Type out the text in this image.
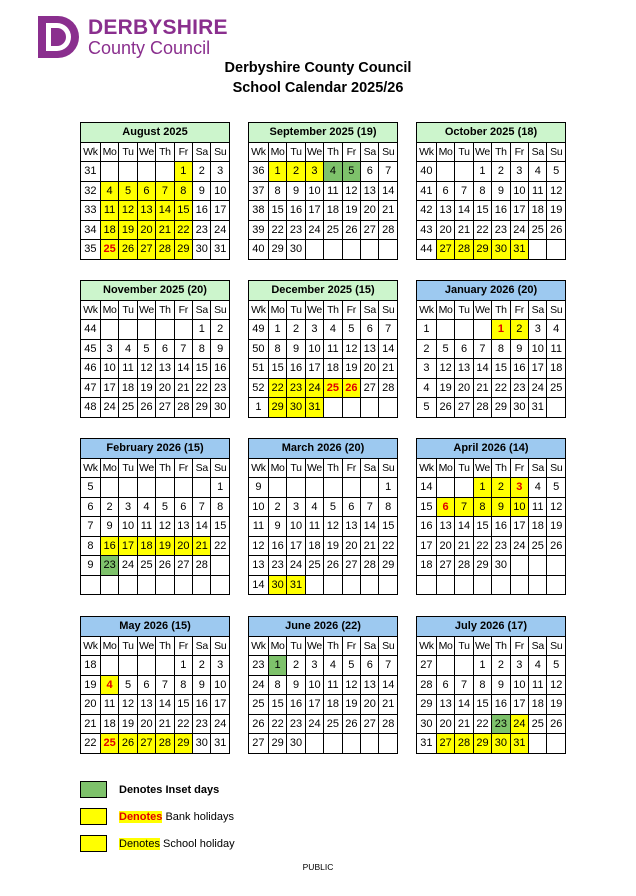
DERBYSHIRE
County Council
Derbyshire County Council
School Calendar 2025/26
August 2025							
Wk	Mo	Tu	We	Th	Fr	Sa	Su
31					1	2	3
32	4	5	6	7	8	9	10
33	11	12	13	14	15	16	17
34	18	19	20	21	22	23	24
35	25	26	27	28	29	30	31
September 2025 (19)							
Wk	Mo	Tu	We	Th	Fr	Sa	Su
36	1	2	3	4	5	6	7
37	8	9	10	11	12	13	14
38	15	16	17	18	19	20	21
39	22	23	24	25	26	27	28
40	29	30					
October 2025 (18)							
Wk	Mo	Tu	We	Th	Fr	Sa	Su
40			1	2	3	4	5
41	6	7	8	9	10	11	12
42	13	14	15	16	17	18	19
43	20	21	22	23	24	25	26
44	27	28	29	30	31		
November 2025 (20)							
Wk	Mo	Tu	We	Th	Fr	Sa	Su
44						1	2
45	3	4	5	6	7	8	9
46	10	11	12	13	14	15	16
47	17	18	19	20	21	22	23
48	24	25	26	27	28	29	30
December 2025 (15)							
Wk	Mo	Tu	We	Th	Fr	Sa	Su
49	1	2	3	4	5	6	7
50	8	9	10	11	12	13	14
51	15	16	17	18	19	20	21
52	22	23	24	25	26	27	28
1	29	30	31				
January 2026 (20)							
Wk	Mo	Tu	We	Th	Fr	Sa	Su
1				1	2	3	4
2	5	6	7	8	9	10	11
3	12	13	14	15	16	17	18
4	19	20	21	22	23	24	25
5	26	27	28	29	30	31	
February 2026 (15)							
Wk	Mo	Tu	We	Th	Fr	Sa	Su
5							1
6	2	3	4	5	6	7	8
7	9	10	11	12	13	14	15
8	16	17	18	19	20	21	22
9	23	24	25	26	27	28	

March 2026 (20)							
Wk	Mo	Tu	We	Th	Fr	Sa	Su
9							1
10	2	3	4	5	6	7	8
11	9	10	11	12	13	14	15
12	16	17	18	19	20	21	22
13	23	24	25	26	27	28	29
14	30	31					
April 2026 (14)							
Wk	Mo	Tu	We	Th	Fr	Sa	Su
14			1	2	3	4	5
15	6	7	8	9	10	11	12
16	13	14	15	16	17	18	19
17	20	21	22	23	24	25	26
18	27	28	29	30			

May 2026 (15)							
Wk	Mo	Tu	We	Th	Fr	Sa	Su
18					1	2	3
19	4	5	6	7	8	9	10
20	11	12	13	14	15	16	17
21	18	19	20	21	22	23	24
22	25	26	27	28	29	30	31
June 2026 (22)							
Wk	Mo	Tu	We	Th	Fr	Sa	Su
23	1	2	3	4	5	6	7
24	8	9	10	11	12	13	14
25	15	16	17	18	19	20	21
26	22	23	24	25	26	27	28
27	29	30					
July 2026 (17)							
Wk	Mo	Tu	We	Th	Fr	Sa	Su
27			1	2	3	4	5
28	6	7	8	9	10	11	12
29	13	14	15	16	17	18	19
30	20	21	22	23	24	25	26
31	27	28	29	30	31		
Denotes Inset days
Denotes Bank holidays
Denotes School holiday
PUBLIC
